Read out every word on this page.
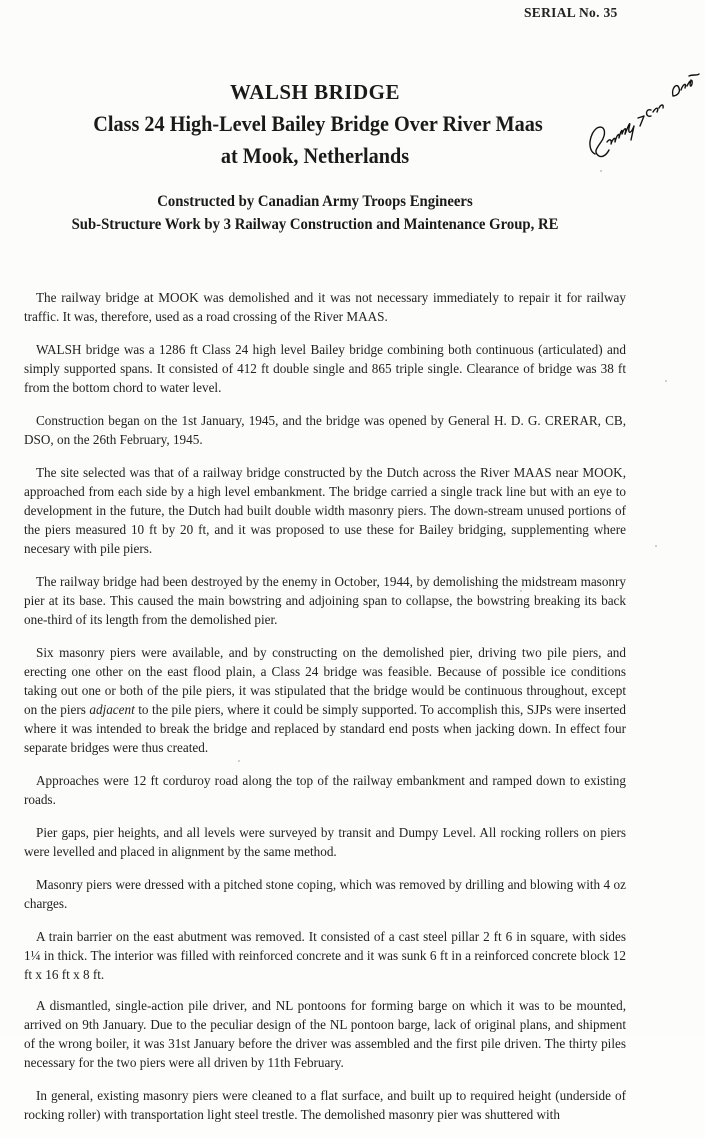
SERIAL No. 35
WALSH BRIDGE
Class 24 High-Level Bailey Bridge Over River Maas
at Mook, Netherlands
Constructed by Canadian Army Troops Engineers
Sub-Structure Work by 3 Railway Construction and Maintenance Group, RE

The railway bridge at MOOK was demolished and it was not necessary immediately to repair it for railway traffic. It was, therefore, used as a road crossing of the River MAAS.

WALSH bridge was a 1286 ft Class 24 high level Bailey bridge combining both continuous (articulated) and simply supported spans. It consisted of 412 ft double single and 865 triple single. Clearance of bridge was 38 ft from the bottom chord to water level.

Construction began on the 1st January, 1945, and the bridge was opened by General H. D. G. CRERAR, CB, DSO, on the 26th February, 1945.

The site selected was that of a railway bridge constructed by the Dutch across the River MAAS near MOOK, approached from each side by a high level embankment. The bridge carried a single track line but with an eye to development in the future, the Dutch had built double width masonry piers. The down-stream unused portions of the piers measured 10 ft by 20 ft, and it was proposed to use these for Bailey bridging, supplementing where necesary with pile piers.

The railway bridge had been destroyed by the enemy in October, 1944, by demolishing the midstream masonry pier at its base. This caused the main bowstring and adjoining span to collapse, the bowstring breaking its back one-third of its length from the demolished pier.

Six masonry piers were available, and by constructing on the demolished pier, driving two pile piers, and erecting one other on the east flood plain, a Class 24 bridge was feasible. Because of possible ice conditions taking out one or both of the pile piers, it was stipulated that the bridge would be continuous throughout, except on the piers adjacent to the pile piers, where it could be simply supported. To accomplish this, SJPs were inserted where it was intended to break the bridge and replaced by standard end posts when jacking down. In effect four separate bridges were thus created.

Approaches were 12 ft corduroy road along the top of the railway embankment and ramped down to existing roads.

Pier gaps, pier heights, and all levels were surveyed by transit and Dumpy Level. All rocking rollers on piers were levelled and placed in alignment by the same method.

Masonry piers were dressed with a pitched stone coping, which was removed by drilling and blowing with 4 oz charges.

A train barrier on the east abutment was removed. It consisted of a cast steel pillar 2 ft 6 in square, with sides 1¼ in thick. The interior was filled with reinforced concrete and it was sunk 6 ft in a reinforced concrete block 12 ft x 16 ft x 8 ft.

A dismantled, single-action pile driver, and NL pontoons for forming barge on which it was to be mounted, arrived on 9th January. Due to the peculiar design of the NL pontoon barge, lack of original plans, and shipment of the wrong boiler, it was 31st January before the driver was assembled and the first pile driven. The thirty piles necessary for the two piers were all driven by 11th February.

In general, existing masonry piers were cleaned to a flat surface, and built up to required height (underside of rocking roller) with transportation light steel trestle. The demolished masonry pier was shuttered with
